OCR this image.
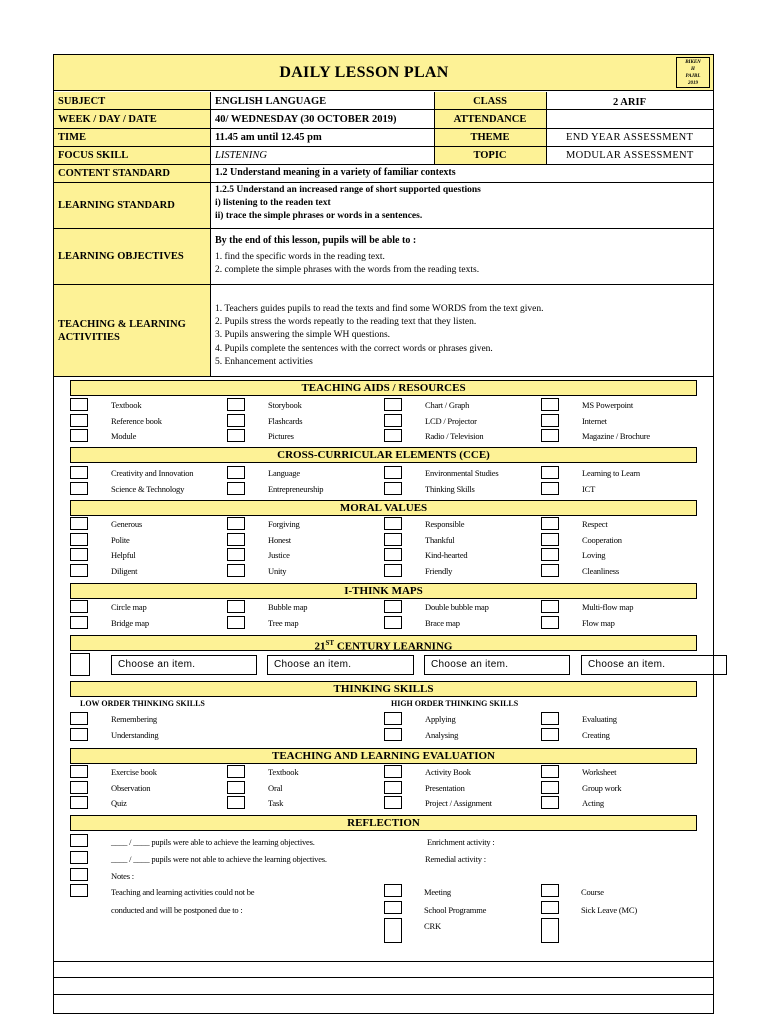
DAILY LESSON PLAN
BIKEN
H
PAJBL
2019
SUBJECT	ENGLISH LANGUAGE	CLASS	2 ARIF
WEEK / DAY / DATE	40/ WEDNESDAY (30 OCTOBER 2019)	ATTENDANCE
TIME	11.45 am until 12.45 pm	THEME	END YEAR ASSESSMENT
FOCUS SKILL	LISTENING	TOPIC	MODULAR ASSESSMENT
CONTENT STANDARD	1.2 Understand meaning in a variety of familiar contexts
LEARNING STANDARD
1.2.5 Understand an increased range of short supported questions
i) listening to the readen text
ii) trace the simple phrases or words in a sentences.
LEARNING OBJECTIVES
By the end of this lesson, pupils will be able to :
1. find the specific words in the reading text.
2. complete the simple phrases with the words from the reading texts.
TEACHING & LEARNING
ACTIVITIES
1. Teachers guides pupils to read the texts and find some WORDS from the text given.
2. Pupils stress the words repeatly to the reading text that they listen.
3. Pupils answering the simple WH questions.
4. Pupils complete the sentences with the correct words or phrases given.
5. Enhancement activities
TEACHING AIDS / RESOURCES
Textbook	Storybook	Chart / Graph	MS Powerpoint
Reference book	Flashcards	LCD / Projector	Internet
Module	Pictures	Radio / Television	Magazine / Brochure
CROSS-CURRICULAR ELEMENTS (CCE)
Creativity and Innovation	Language	Environmental Studies	Learning to Learn
Science & Technology	Entrepreneurship	Thinking Skills	ICT
MORAL VALUES
Generous	Forgiving	Responsible	Respect
Polite	Honest	Thankful	Cooperation
Helpful	Justice	Kind-hearted	Loving
Diligent	Unity	Friendly	Cleanliness
I-THINK MAPS
Circle map	Bubble map	Double bubble map	Multi-flow map
Bridge map	Tree map	Brace map	Flow map
21ST CENTURY LEARNING
Choose an item.	Choose an item.	Choose an item.	Choose an item.
THINKING SKILLS
LOW ORDER THINKING SKILLS	HIGH ORDER THINKING SKILLS
Remembering	Applying	Evaluating
Understanding	Analysing	Creating
TEACHING AND LEARNING EVALUATION
Exercise book	Textbook	Activity Book	Worksheet
Observation	Oral	Presentation	Group work
Quiz	Task	Project / Assignment	Acting
REFLECTION
____ / ____ pupils were able to achieve the learning objectives.	Enrichment activity :
____ / ____ pupils were not able to achieve the learning objectives.	Remedial activity :
Notes :
Teaching and learning activities could not be
conducted and will be postponed due to :
Meeting	Course
School Programme	Sick Leave (MC)
CRK
